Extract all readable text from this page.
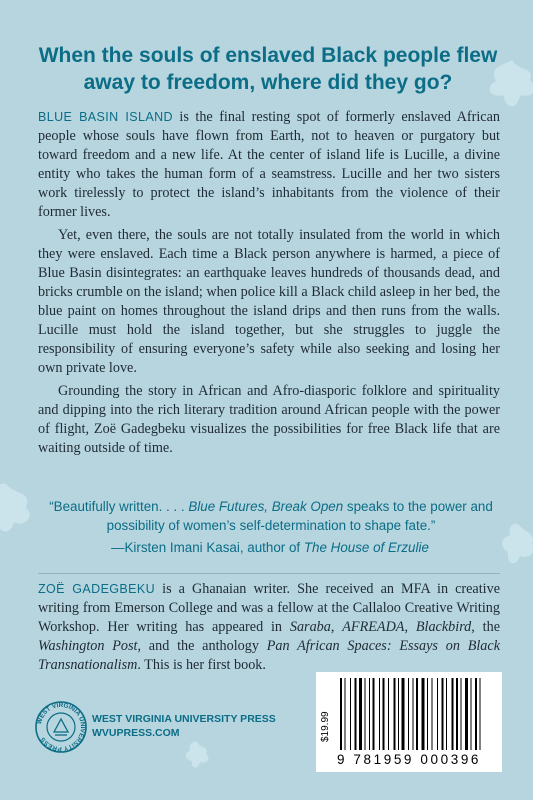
When the souls of enslaved Black people flew away to freedom, where did they go?

BLUE BASIN ISLAND is the final resting spot of formerly enslaved African people whose souls have flown from Earth, not to heaven or purgatory but toward freedom and a new life. At the center of island life is Lucille, a divine entity who takes the human form of a seamstress. Lucille and her two sisters work tirelessly to protect the island’s inhabitants from the violence of their former lives.

Yet, even there, the souls are not totally insulated from the world in which they were enslaved. Each time a Black person anywhere is harmed, a piece of Blue Basin disintegrates: an earthquake leaves hundreds of thousands dead, and bricks crumble on the island; when police kill a Black child asleep in her bed, the blue paint on homes throughout the island drips and then runs from the walls. Lucille must hold the island together, but she struggles to juggle the responsibility of ensuring everyone’s safety while also seeking and losing her own private love.

Grounding the story in African and Afro-diasporic folklore and spirituality and dipping into the rich literary tradition around African people with the power of flight, Zoë Gadegbeku visualizes the possibilities for free Black life that are waiting outside of time.

“Beautifully written. . . . Blue Futures, Break Open speaks to the power and possibility of women’s self-determination to shape fate.”
—Kirsten Imani Kasai, author of The House of Erzulie
ZOË GADEGBEKU is a Ghanaian writer. She received an MFA in creative writing from Emerson College and was a fellow at the Callaloo Creative Writing Workshop. Her writing has appeared in Saraba, AFREADA, Blackbird, the Washington Post, and the anthology Pan African Spaces: Essays on Black Transnationalism. This is her first book.
WEST VIRGINIA UNIVERSITY PRESS
WEST VIRGINIA UNIVERSITY PRESS
WVUPRESS.COM	$19.99
9 781959 000396
